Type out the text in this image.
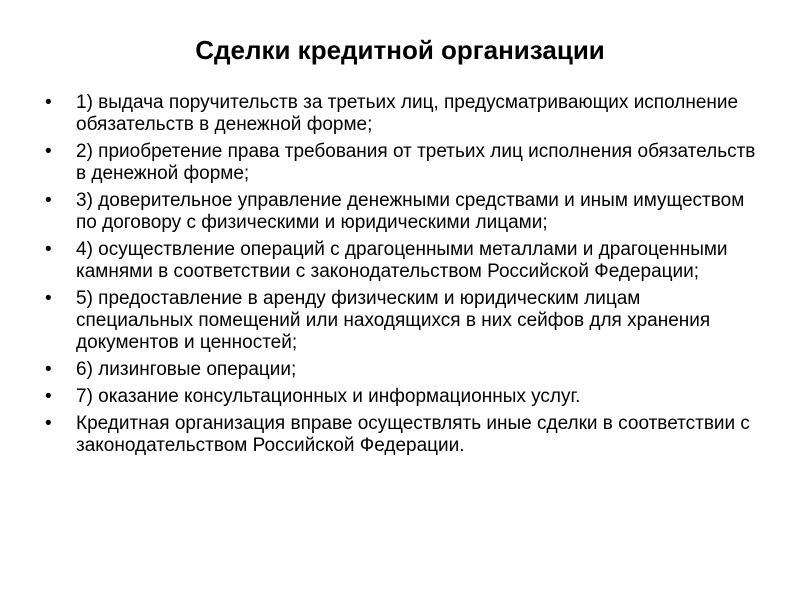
Сделки кредитной организации
•	1) выдача поручительств за третьих лиц, предусматривающих исполнение обязательств в денежной форме;
•	2) приобретение права требования от третьих лиц исполнения обязательств в денежной форме;
•	3) доверительное управление денежными средствами и иным имуществом по договору с физическими и юридическими лицами;
•	4) осуществление операций с драгоценными металлами и драгоценными камнями в соответствии с законодательством Российской Федерации;
•	5) предоставление в аренду физическим и юридическим лицам специальных помещений или находящихся в них сейфов для хранения документов и ценностей;
•	6) лизинговые операции;
•	7) оказание консультационных и информационных услуг.
•	Кредитная организация вправе осуществлять иные сделки в соответствии с законодательством Российской Федерации.
